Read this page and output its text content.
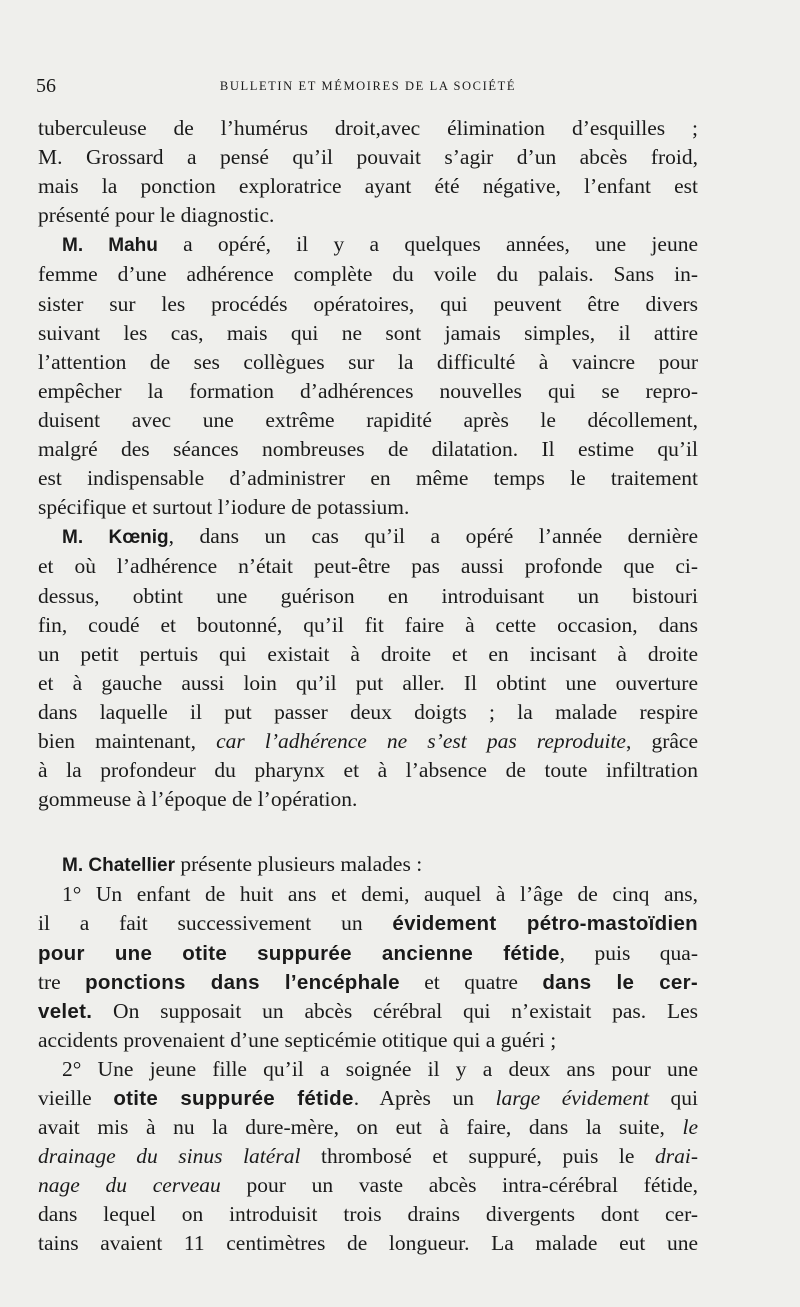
56	BULLETIN ET MÉMOIRES DE LA SOCIÉTÉ

tuberculeuse de l’humérus droit,avec élimination d’esquilles ;
M. Grossard a pensé qu’il pouvait s’agir d’un abcès froid,
mais la ponction exploratrice ayant été négative, l’enfant est
présenté pour le diagnostic.

M. Mahu a opéré, il y a quelques années, une jeune
femme d’une adhérence complète du voile du palais. Sans in-
sister sur les procédés opératoires, qui peuvent être divers
suivant les cas, mais qui ne sont jamais simples, il attire
l’attention de ses collègues sur la difficulté à vaincre pour
empêcher la formation d’adhérences nouvelles qui se repro-
duisent avec une extrême rapidité après le décollement,
malgré des séances nombreuses de dilatation. Il estime qu’il
est indispensable d’administrer en même temps le traitement
spécifique et surtout l’iodure de potassium.

M. Kœnig, dans un cas qu’il a opéré l’année dernière
et où l’adhérence n’était peut-être pas aussi profonde que ci-
dessus, obtint une guérison en introduisant un bistouri
fin, coudé et boutonné, qu’il fit faire à cette occasion, dans
un petit pertuis qui existait à droite et en incisant à droite
et à gauche aussi loin qu’il put aller. Il obtint une ouverture
dans laquelle il put passer deux doigts ; la malade respire
bien maintenant, car l’adhérence ne s’est pas reproduite, grâce
à la profondeur du pharynx et à l’absence de toute infiltration
gommeuse à l’époque de l’opération.

M. Chatellier présente plusieurs malades :

1° Un enfant de huit ans et demi, auquel à l’âge de cinq ans,
il a fait successivement un évidement pétro-mastoïdien
pour une otite suppurée ancienne fétide, puis qua-
tre ponctions dans l’encéphale et quatre dans le cer-
velet. On supposait un abcès cérébral qui n’existait pas. Les
accidents provenaient d’une septicémie otitique qui a guéri ;

2° Une jeune fille qu’il a soignée il y a deux ans pour une
vieille otite suppurée fétide. Après un large évidement qui
avait mis à nu la dure-mère, on eut à faire, dans la suite, le
drainage du sinus latéral thrombosé et suppuré, puis le drai-
nage du cerveau pour un vaste abcès intra-cérébral fétide,
dans lequel on introduisit trois drains divergents dont cer-
tains avaient 11 centimètres de longueur. La malade eut une
